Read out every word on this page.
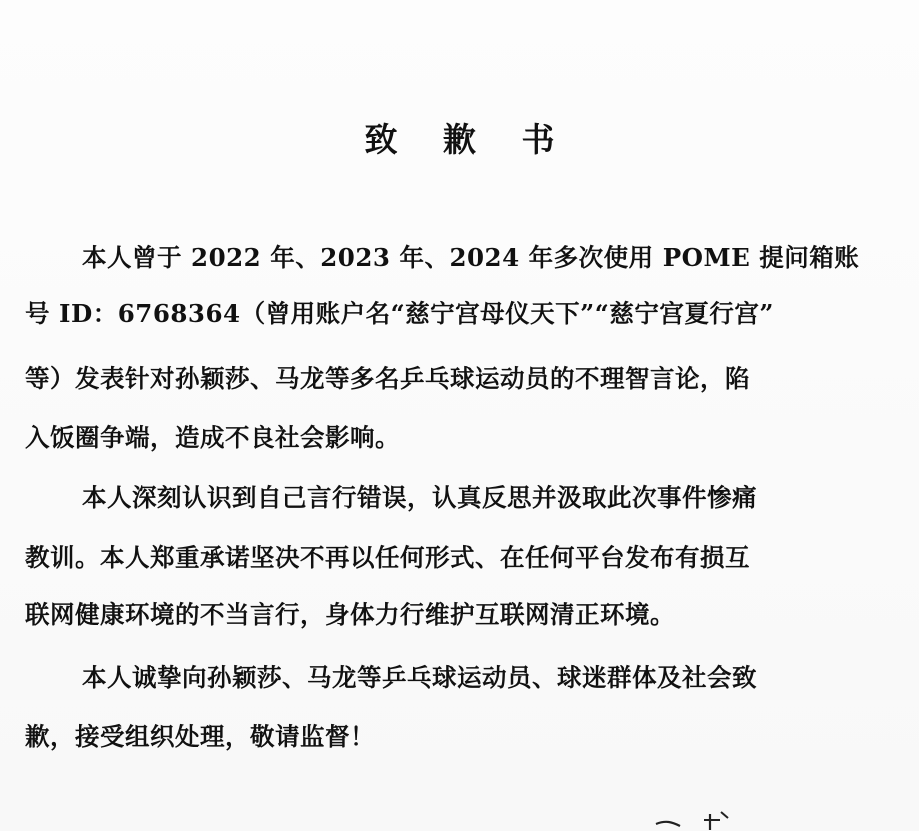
致 歉 书
本人曾于 2022 年、2023 年、2024 年多次使用 POME 提问箱账
号 ID：6768364（曾用账户名“慈宁宫母仪天下”“慈宁宫夏行宫”
等）发表针对孙颖莎、马龙等多名乒乓球运动员的不理智言论，陷
入饭圈争端，造成不良社会影响。
本人深刻认识到自己言行错误，认真反思并汲取此次事件惨痛
教训。本人郑重承诺坚决不再以任何形式、在任何平台发布有损互
联网健康环境的不当言行，身体力行维护互联网清正环境。
本人诚挚向孙颖莎、马龙等乒乓球运动员、球迷群体及社会致
歉，接受组织处理，敬请监督！
